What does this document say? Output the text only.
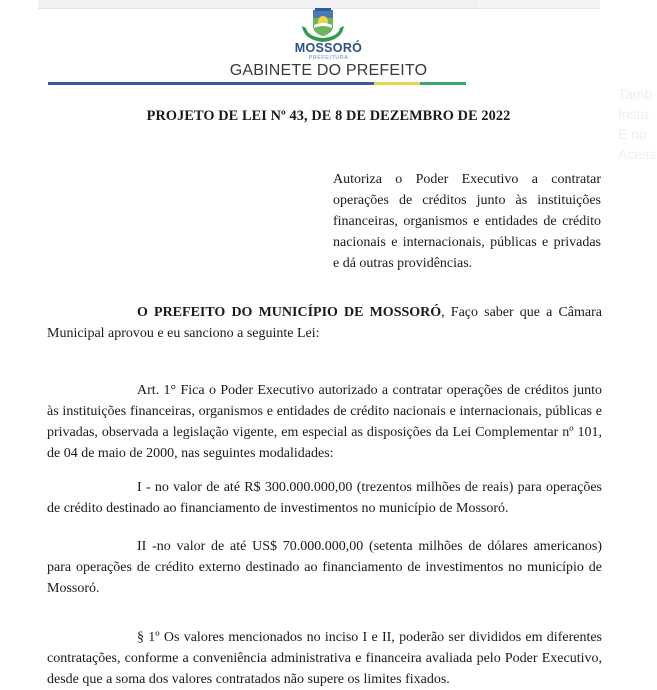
Tamb
Insta
E no
Acess
MOSSORÓ
PREFEITURA
GABINETE DO PREFEITO
PROJETO DE LEI Nº 43, DE 8 DE DEZEMBRO DE 2022
Autoriza o Poder Executivo a contratar operações de créditos junto às instituições financeiras, organismos e entidades de crédito nacionais e internacionais, públicas e privadas e dá outras providências.
O PREFEITO DO MUNICÍPIO DE MOSSORÓ, Faço saber que a Câmara Municipal aprovou e eu sanciono a seguinte Lei:
Art. 1° Fica o Poder Executivo autorizado a contratar operações de créditos junto às instituições financeiras, organismos e entidades de crédito nacionais e internacionais, públicas e privadas, observada a legislação vigente, em especial as disposições da Lei Complementar nº 101, de 04 de maio de 2000, nas seguintes modalidades:
I - no valor de até R$ 300.000.000,00 (trezentos milhões de reais) para operações de crédito destinado ao financiamento de investimentos no município de Mossoró.
II -no valor de até US$ 70.000.000,00 (setenta milhões de dólares americanos) para operações de crédito externo destinado ao financiamento de investimentos no município de Mossoró.
§ 1º Os valores mencionados no inciso I e II, poderão ser divididos em diferentes contratações, conforme a conveniência administrativa e financeira avaliada pelo Poder Executivo, desde que a soma dos valores contratados não supere os limites fixados.
